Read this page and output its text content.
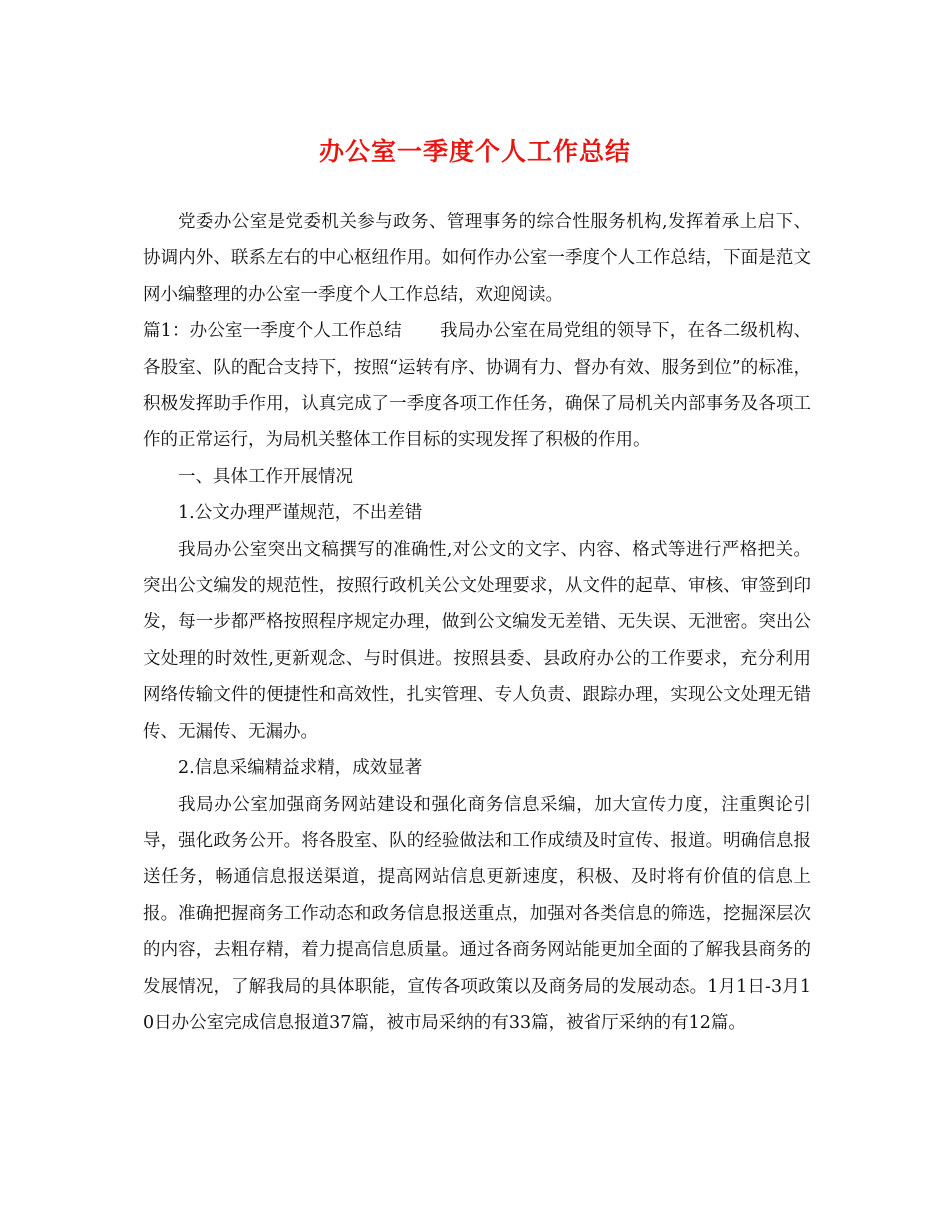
办公室一季度个人工作总结

党委办公室是党委机关参与政务、管理事务的综合性服务机构,发挥着承上启下、协调内外、联系左右的中心枢纽作用。如何作办公室一季度个人工作总结，下面是范文网小编整理的办公室一季度个人工作总结，欢迎阅读。

篇1：办公室一季度个人工作总结 我局办公室在局党组的领导下，在各二级机构、各股室、队的配合支持下，按照“运转有序、协调有力、督办有效、服务到位”的标准，积极发挥助手作用，认真完成了一季度各项工作任务，确保了局机关内部事务及各项工作的正常运行，为局机关整体工作目标的实现发挥了积极的作用。

一、具体工作开展情况

1.公文办理严谨规范，不出差错

我局办公室突出文稿撰写的准确性,对公文的文字、内容、格式等进行严格把关。突出公文编发的规范性，按照行政机关公文处理要求，从文件的起草、审核、审签到印发，每一步都严格按照程序规定办理，做到公文编发无差错、无失误、无泄密。突出公文处理的时效性,更新观念、与时俱进。按照县委、县政府办公的工作要求，充分利用网络传输文件的便捷性和高效性，扎实管理、专人负责、跟踪办理，实现公文处理无错传、无漏传、无漏办。

2.信息采编精益求精，成效显著

我局办公室加强商务网站建设和强化商务信息采编，加大宣传力度，注重舆论引导，强化政务公开。将各股室、队的经验做法和工作成绩及时宣传、报道。明确信息报送任务，畅通信息报送渠道，提高网站信息更新速度，积极、及时将有价值的信息上报。准确把握商务工作动态和政务信息报送重点，加强对各类信息的筛选，挖掘深层次的内容，去粗存精，着力提高信息质量。通过各商务网站能更加全面的了解我县商务的发展情况，了解我局的具体职能，宣传各项政策以及商务局的发展动态。1月1日-3月10日办公室完成信息报道37篇，被市局采纳的有33篇，被省厅采纳的有12篇。
